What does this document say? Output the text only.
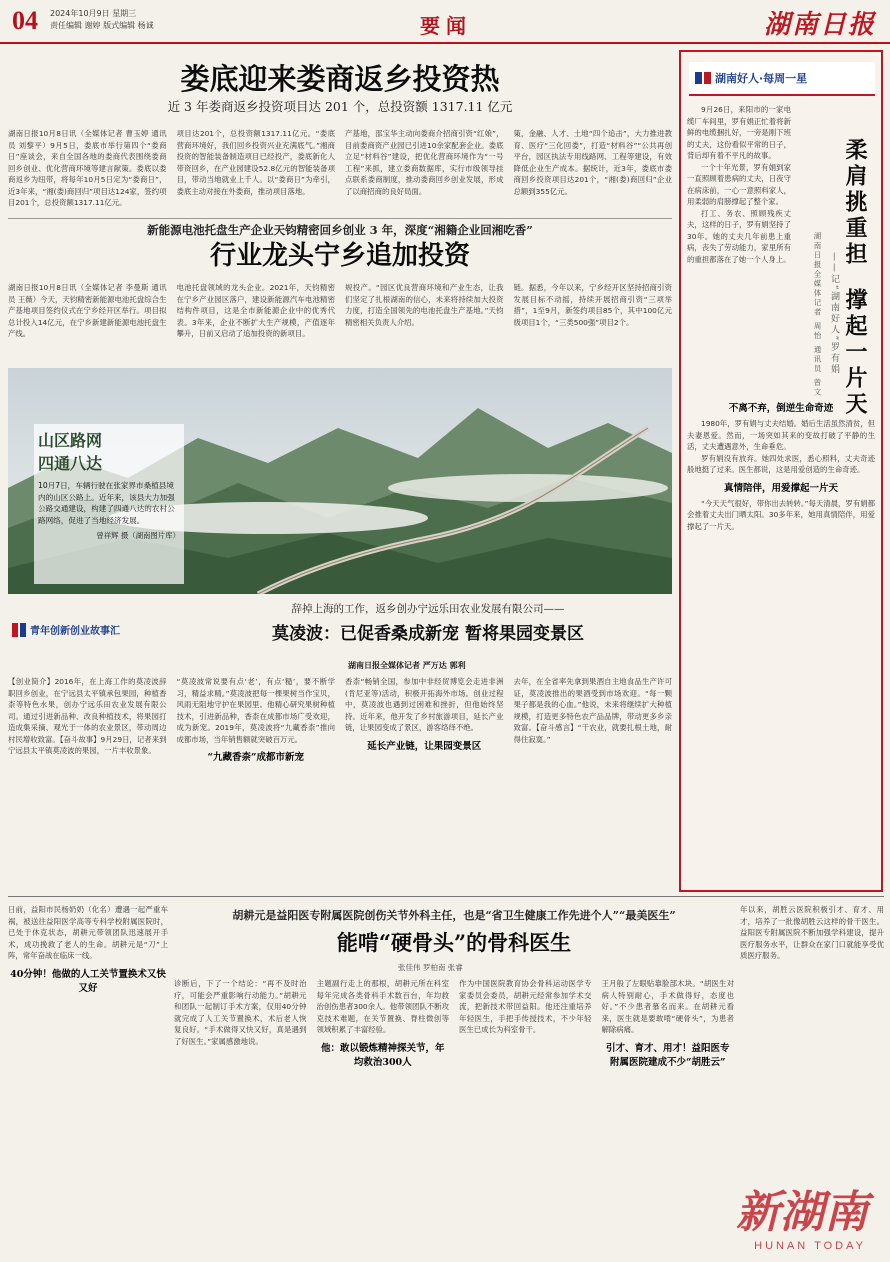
04 2024年10月9日 星期三
责任编辑 谢婷 版式编辑 杨诚	要闻	湖南日报
娄底迎来娄商返乡投资热
近 3 年娄商返乡投资项目达 201 个，总投资额 1317.11 亿元
湖南日报10月8日讯（全媒体记者 曹玉婷 通讯员 刘黎平）9月5日，娄底市举行第四个“娄商日”座谈会，来自全国各地的娄商代表围绕娄商回乡创业、优化营商环境等建言献策。娄底以娄商返乡为纽带，将每年10月5日定为“娄商日”，近3年来，“湘(娄)商回归”项目达124家，签约项目201个，总投资额1317.11亿元。
项目达201个，总投资额1317.11亿元。“娄底营商环境好，我们回乡投资兴业充满底气。”湘商投资的智能装备制造项目已经投产，娄底新化人带资回乡，在产业园建设52.8亿元的智能装备项目，带动当地就业上千人。以“娄商日”为牵引，娄底主动对接在外娄商，推动项目落地。
产基地，邵宝华主动向娄商介招商引资“红娘”，目前娄商资产业园已引进10余家配套企业。娄底立足“材料谷”建设，把优化营商环境作为“一号工程”来抓，建立娄商数据库，实行市级领导挂点联系娄商制度，推动娄商回乡创业发展，形成了以商招商的良好局面。
策，金融、人才、土地“四个追击”，大力推进教育、医疗“三化回娄”，打造“材料谷”“公共再创平台，园区执法专用线路网、工程等建设，有效降低企业生产成本。据统计，近3年，娄底市娄商回乡投资项目达201个，“湘(娄)商回归”企业总额到355亿元。
新能源电池托盘生产企业天钧精密回乡创业 3 年，深度“湘籍企业回湘吃香”
行业龙头宁乡追加投资
湖南日报10月8日讯（全媒体记者 李曼斯 通讯员 王薇）今天，天钧精密新能源电池托盘综合生产基地项目签约仪式在宁乡经开区举行。项目拟总计投入14亿元，在宁乡新建新能源电池托盘生产线。
电池托盘领域的龙头企业。2021年，天钧精密在宁乡产业园区落户，建设新能源汽车电池精密结构件项目，这是全市新能源企业中的优秀代表。3年来，企业不断扩大生产规模，产值逐年攀升，日前又启动了追加投资的新项目。
规投产。“园区优良营商环境和产业生态，让我们坚定了扎根湖南的信心，未来将持续加大投资力度，打造全国领先的电池托盘生产基地。”天钧精密相关负责人介绍。
链。据悉，今年以来，宁乡经开区坚持招商引资发展目标不动摇，持续开展招商引资“三项举措”，1至9月，新签约项目85个，其中100亿元级项目1个，“三类500强”项目2个。
山区路网
四通八达
10月7日，车辆行驶在张家界市桑植县境内的山区公路上。近年来，该县大力加强公路交通建设，构建了四通八达的农村公路网络，促进了当地经济发展。
曾祥辉 摄（湖南图片库）
青年创新创业故事汇
辞掉上海的工作，返乡创办宁远乐田农业发展有限公司——
莫凌波：已促香桑成新宠 暂将果园变景区
湖南日报全媒体记者 严万达 郭利
【创业简介】2016年，在上海工作的莫凌波辞职回乡创业，在宁远县太平镇承包果园，种植香柰等特色水果，创办宁远乐田农业发展有限公司。通过引进新品种、改良种植技术，将果园打造成集采摘、观光于一体的农业景区，带动周边村民增收致富。【奋斗故事】9月29日，记者来到宁远县太平镇莫凌波的果园，一片丰收景象。
“莫凌波常说要有点‘老’，有点‘糙’，要不断学习，精益求精。”莫凌波把每一棵果树当作宝贝，风雨无阻地守护在果园里。他精心研究果树种植技术，引进新品种，香柰在成都市场广受欢迎，成为新宠。2019年，莫凌波将“九藏香柰”推向成都市场，当年销售额就突破百万元。
“九藏香柰”成都市新宠
香柰“畅销全国，参加中非经贸博览会走进非洲(肯尼亚等)活动，积极开拓海外市场。创业过程中，莫凌波也遇到过困难和挫折，但他始终坚持。近年来，他开发了乡村旅游项目，延长产业链，让果园变成了景区，游客络绎不绝。
延长产业链，让果园变景区
去年，在全省率先拿到果酒自主地食品生产许可证，莫凌波推出的果酒受到市场欢迎。“每一颗果子都是我的心血。”他说，未来将继续扩大种植规模，打造更多特色农产品品牌，带动更多乡亲致富。【奋斗感言】“干农业，就要扎根土地，耐得住寂寞。”
湖南好人·每周一星
柔肩挑重担
撑起一片天
——记“湖南好人”罗有娟
湖南日报全媒体记者 周怡 通讯员 曾文

9月26日，来阳市的一家电缆厂车间里，罗有娟正忙着将新鲜的电缆捆扎好，一旁是刚下班的丈夫，这份看似平常的日子，背后却有着不平凡的故事。

一个十年光景，罗有娟到家一直照顾着患病的丈夫，日夜守在病床前，一心一意照料家人，用柔弱的肩膀撑起了整个家。

打工、务农、照顾残疾丈夫，这样的日子，罗有娟坚持了30年。她的丈夫几年前患上重病，丧失了劳动能力，家里所有的重担都落在了她一个人身上。

不离不弃，倒逆生命奇迹

1980年，罗有娟与丈夫结婚。婚后生活虽然清贫，但夫妻恩爱。然而，一场突如其来的变故打破了平静的生活，丈夫遭遇意外，生命垂危。

罗有娟没有放弃。她四处求医，悉心照料，丈夫奇迹般地挺了过来。医生都说，这是用爱创造的生命奇迹。

真情陪伴，用爱撑起一片天

“今天天气很好，带你出去转转。”每天清晨，罗有娟都会推着丈夫出门晒太阳。30多年来，她用真情陪伴，用爱撑起了一片天。

胡耕元是益阳医专附属医院创伤关节外科主任，也是“省卫生健康工作先进个人”“最美医生”
能啃“硬骨头”的骨科医生
张佳伟 罗柏南 张睿
日前，益阳市民杨奶奶（化名）遭遇一起严重车祸，被送往益阳医学高等专科学校附属医院时，已处于休克状态，胡耕元带领团队迅速展开手术，成功挽救了老人的生命。胡耕元是“刀”上阵，常年奋战在临床一线。
40分钟！他做的人工关节置换术又快又好	诊断后，下了一个结论：“再不及时治疗，可能会严重影响行动能力。”胡耕元和团队一起制订手术方案，仅用40分钟就完成了人工关节置换术，术后老人恢复良好。“手术做得又快又好，真是遇到了好医生。”家属感激地说。
主题副行走上的那根，胡耕元所在科室每年完成各类骨科手术数百台，年均救治创伤患者300余人。他带领团队不断攻克技术难题，在关节置换、脊柱微创等领域积累了丰富经验。
他：敢以锻炼精神探关节，年均救治300人
作为中国医院教育协会骨科运动医学专家委员会委员，胡耕元经常参加学术交流，把新技术带回益阳。他还注重培养年轻医生，手把手传授技术，不少年轻医生已成长为科室骨干。
王月般了左眼贴靠脸部木块。“胡医生对病人特别耐心，手术做得好，态度也好。”不少患者慕名而来。在胡耕元看来，医生就是要敢啃“硬骨头”，为患者解除病痛。
引才、育才、用才！益阳医专附属医院建成不少“胡胜云”
年以来，胡胜云医院积极引才、育才、用才，培养了一批像胡胜云这样的骨干医生。益阳医专附属医院不断加强学科建设，提升医疗服务水平，让群众在家门口就能享受优质医疗服务。
新湖南
HUNAN TODAY
